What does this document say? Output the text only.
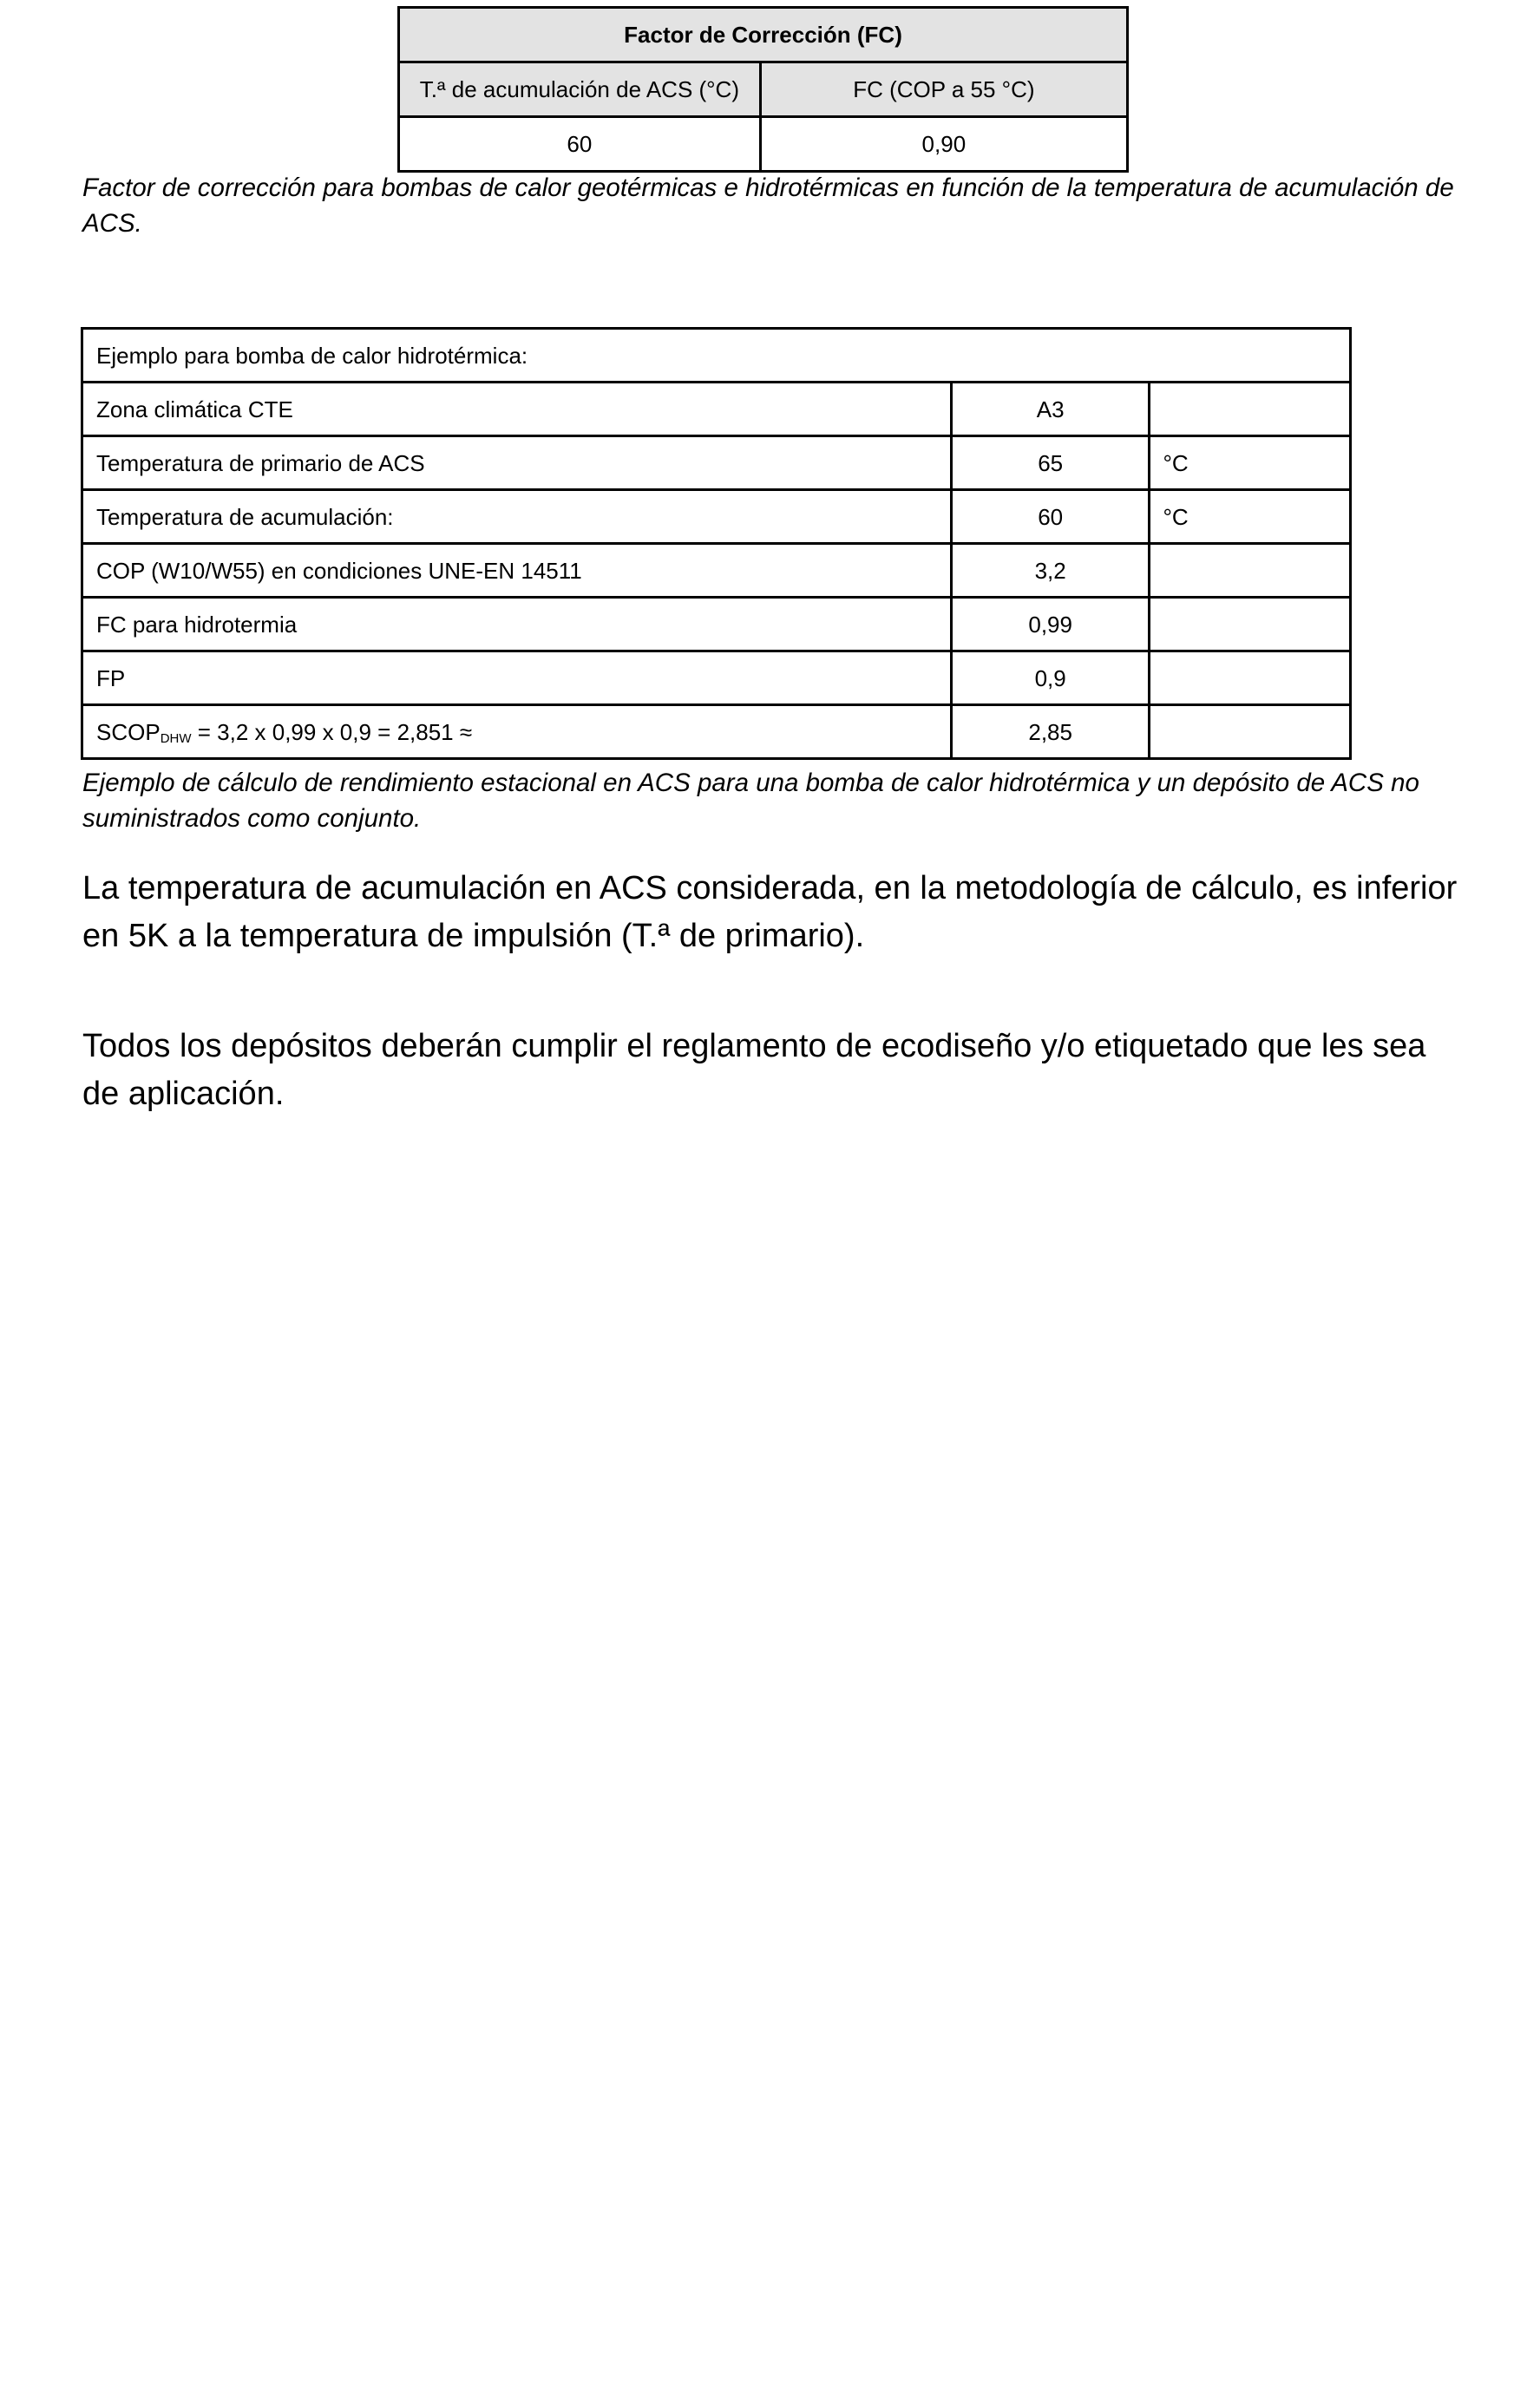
Factor de Corrección (FC)	
T.ª de acumulación de ACS (°C)	FC (COP a 55 °C)
60	0,90
Factor de corrección para bombas de calor geotérmicas e hidrotérmicas en función de la temperatura de acumulación de ACS.
Ejemplo para bomba de calor hidrotérmica:		
Zona climática CTE	A3	
Temperatura de primario de ACS	65	°C
Temperatura de acumulación:	60	°C
COP (W10/W55) en condiciones UNE-EN 14511	3,2	
FC para hidrotermia	0,99	
FP	0,9	
$SCOP_{DHW} = 3,2$ x 0,99 x 0,9 = 2,851 ≈	2,85	
Ejemplo de cálculo de rendimiento estacional en ACS para una bomba de calor hidrotérmica y un depósito de ACS no suministrados como conjunto.

La temperatura de acumulación en ACS considerada, en la metodología de cálculo, es inferior en 5K a la temperatura de impulsión (T.ª de primario).

Todos los depósitos deberán cumplir el reglamento de ecodiseño y/o etiquetado que les sea de aplicación.
